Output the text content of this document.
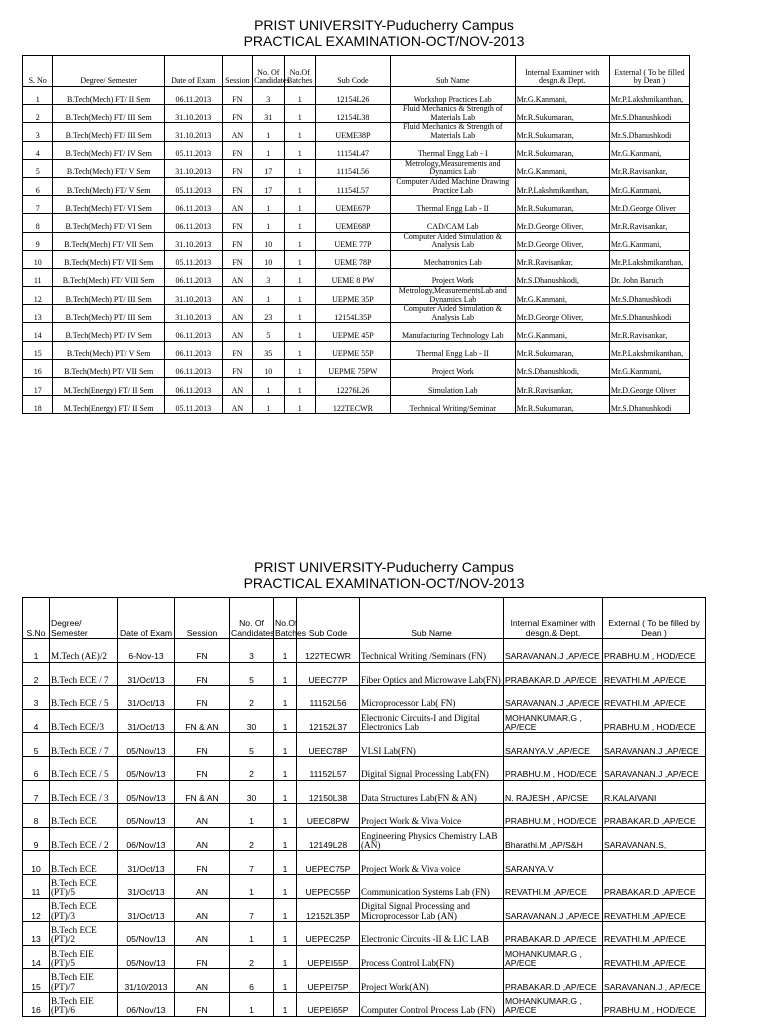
PRIST UNIVERSITY-Puducherry Campus
PRACTICAL EXAMINATION-OCT/NOV-2013
S. No	Degree/ Semester	Date of Exam	Session	No. Of Candidates	No.Of Batches	Sub Code	Sub Name	Internal Examiner with desgn.& Dept.	External ( To be filled by Dean )
1	B.Tech(Mech) FT/ II Sem	06.11.2013	FN	3	1	12154L26	Workshop Practices Lab	Mr.G.Kanmani,	Mr.P.Lakshmikanthan,
2	B.Tech(Mech) FT/ III Sem	31.10.2013	FN	31	1	12154L38	Fluid Mechanics & Strength of Materials Lab	Mr.R.Sukumaran,	Mr.S.Dhanushkodi
3	B.Tech(Mech) FT/ III Sem	31.10.2013	AN	1	1	UEME38P	Fluid Mechanics & Strength of Materials Lab	Mr.R.Sukumaran,	Mr.S.Dhanushkodi
4	B.Tech(Mech) FT/ IV Sem	05.11.2013	FN	1	1	11154L47	Thermal Engg Lab - I	Mr.R.Sukumaran,	Mr.G.Kanmani,
5	B.Tech(Mech) FT/ V Sem	31.10.2013	FN	17	1	11154L56	Metrology,Measurements and Dynamics Lab	Mr.G.Kanmani,	Mr.R.Ravisankar,
6	B.Tech(Mech) FT/ V Sem	05.11.2013	FN	17	1	11154L57	Computer Aided Machine Drawing Practice Lab	Mr.P.Lakshmikanthan,	Mr.G.Kanmani,
7	B.Tech(Mech) FT/ VI Sem	06.11.2013	AN	1	1	UEME67P	Thermal Engg Lab - II	Mr.R.Sukumaran,	Mr.D.George Oliver
8	B.Tech(Mech) FT/ VI Sem	06.11.2013	FN	1	1	UEME68P	CAD/CAM Lab	Mr.D.George Oliver,	Mr.R.Ravisankar,
9	B.Tech(Mech) FT/ VII Sem	31.10.2013	FN	10	1	UEME 77P	Computer Aided Simulation & Analysis Lab	Mr.D.George Oliver,	Mr.G.Kanmani,
10	B.Tech(Mech) FT/ VII Sem	05.11.2013	FN	10	1	UEME 78P	Mechatronics Lab	Mr.R.Ravisankar,	Mr.P.Lakshmikanthan,
11	B.Tech(Mech) FT/ VIII Sem	06.11.2013	AN	3	1	UEME 8 PW	Project Work	Mr.S.Dhanushkodi,	Dr. John Baruch
12	B.Tech(Mech) PT/ III Sem	31.10.2013	AN	1	1	UEPME 35P	Metrology,MeasurementsLab and Dynamics Lab	Mr.G.Kanmani,	Mr.S.Dhanushkodi
13	B.Tech(Mech) PT/ III Sem	31.10.2013	AN	23	1	12154L35P	Computer Aided Simulation & Analysis Lab	Mr.D.George Oliver,	Mr.S.Dhanushkodi
14	B.Tech(Mech) PT/ IV Sem	06.11.2013	AN	5	1	UEPME 45P	Manufacturing Technology Lab	Mr.G.Kanmani,	Mr.R.Ravisankar,
15	B.Tech(Mech) PT/ V Sem	06.11.2013	FN	35	1	UEPME 55P	Thermal Engg Lab - II	Mr.R.Sukumaran,	Mr.P.Lakshmikanthan,
16	B.Tech(Mech) PT/ VII Sem	06.11.2013	FN	10	1	UEPME 75PW	Project Work	Mr.S.Dhanushkodi,	Mr.G.Kanmani,
17	M.Tech(Energy) FT/ II Sem	06.11.2013	AN	1	1	12276L26	Simulation Lab	Mr.R.Ravisankar,	Mr.D.George Oliver
18	M.Tech(Energy) FT/ II Sem	05.11.2013	AN	1	1	122TECWR	Technical Writing/Seminar	Mr.R.Sukumaran,	Mr.S.Dhanushkodi
PRIST UNIVERSITY-Puducherry Campus
PRACTICAL EXAMINATION-OCT/NOV-2013
S.No	Degree/ Semester	Date of Exam	Session	No. Of Candidates	No.Of Batches	Sub Code	Sub Name	Internal Examiner with desgn.& Dept.	External ( To be filled by Dean )
1	M.Tech (AE)/2	6-Nov-13	FN	3	1	122TECWR	Technical Writing /Seminars (FN)	SARAVANAN.J ,AP/ECE	PRABHU.M , HOD/ECE
2	B.Tech ECE / 7	31/Oct/13	FN	5	1	UEEC77P	Fiber Optics and Microwave Lab(FN)	PRABAKAR.D ,AP/ECE	REVATHI.M ,AP/ECE
3	B.Tech ECE / 5	31/Oct/13	FN	2	1	11152L56	Microprocessor Lab( FN)	SARAVANAN.J ,AP/ECE	REVATHI.M ,AP/ECE
4	B.Tech ECE/3	31/Oct/13	FN & AN	30	1	12152L37	Electronic Circuits-I and Digital Electronics Lab	MOHANKUMAR.G , AP/ECE	PRABHU.M , HOD/ECE
5	B.Tech ECE / 7	05/Nov/13	FN	5	1	UEEC78P	VLSI Lab(FN)	SARANYA.V ,AP/ECE	SARAVANAN.J ,AP/ECE
6	B.Tech ECE / 5	05/Nov/13	FN	2	1	11152L57	Digital Signal Processing Lab(FN)	PRABHU.M , HOD/ECE	SARAVANAN.J ,AP/ECE
7	B.Tech ECE / 3	05/Nov/13	FN & AN	30	1	12150L38	Data Structures Lab(FN & AN)	N. RAJESH , AP/CSE	R.KALAIVANI
8	B.Tech ECE	05/Nov/13	AN	1	1	UEEC8PW	Project Work & Viva Voice	PRABHU.M , HOD/ECE	PRABAKAR.D ,AP/ECE
9	B.Tech ECE / 2	06/Nov/13	AN	2	1	12149L28	Engineering Physics Chemistry LAB (AN)	Bharathi.M ,AP/S&H	SARAVANAN.S,
10	B.Tech ECE	31/Oct/13	FN	7	1	UEPEC75P	Project Work & Viva voice	SARANYA.V	
11	B.Tech ECE (PT)/5	31/Oct/13	AN	1	1	UEPEC55P	Communication Systems Lab (FN)	REVATHI.M ,AP/ECE	PRABAKAR.D ,AP/ECE
12	B.Tech ECE (PT)/3	31/Oct/13	AN	7	1	12152L35P	Digital Signal Processing and Microprocessor Lab (AN)	SARAVANAN.J ,AP/ECE	REVATHI.M ,AP/ECE
13	B.Tech ECE (PT)/2	05/Nov/13	AN	1	1	UEPEC25P	Electronic Circuits -II & LIC LAB	PRABAKAR.D ,AP/ECE	REVATHI.M ,AP/ECE
14	B.Tech EIE (PT)/5	05/Nov/13	FN	2	1	UEPEI55P	Process Control Lab(FN)	MOHANKUMAR.G , AP/ECE	REVATHI.M ,AP/ECE
15	B.Tech EIE (PT)/7	31/10/2013	AN	6	1	UEPEI75P	Project Work(AN)	PRABAKAR.D ,AP/ECE	SARAVANAN.J , AP/ECE
16	B.Tech EIE (PT)/6	06/Nov/13	FN	1	1	UEPEI65P	Computer Control Process Lab (FN)	MOHANKUMAR.G , AP/ECE	PRABHU.M , HOD/ECE
